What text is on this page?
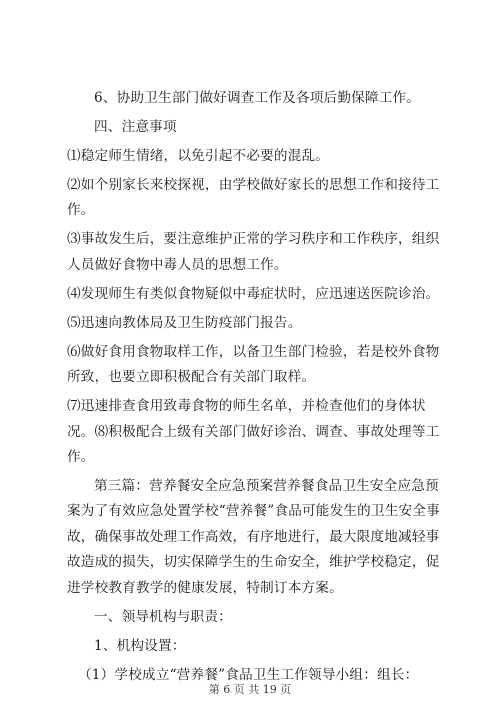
6、协助卫生部门做好调查工作及各项后勤保障工作。

四、注意事项

⑴稳定师生情绪，以免引起不必要的混乱。

⑵如个别家长来校探视，由学校做好家长的思想工作和接待工作。

⑶事故发生后，要注意维护正常的学习秩序和工作秩序，组织人员做好食物中毒人员的思想工作。

⑷发现师生有类似食物疑似中毒症状时，应迅速送医院诊治。

⑸迅速向教体局及卫生防疫部门报告。

⑹做好食用食物取样工作，以备卫生部门检验，若是校外食物所致，也要立即积极配合有关部门取样。

⑺迅速排查食用致毒食物的师生名单，并检查他们的身体状况。⑻积极配合上级有关部门做好诊治、调查、事故处理等工作。

第三篇：营养餐安全应急预案营养餐食品卫生安全应急预案为了有效应急处置学校“营养餐”食品可能发生的卫生安全事故，确保事故处理工作高效，有序地进行，最大限度地减轻事故造成的损失，切实保障学生的生命安全，维护学校稳定，促进学校教育教学的健康发展，特制订本方案。

一、领导机构与职责：

1、机构设置：

（1）学校成立“营养餐”食品卫生工作领导小组：组长：

第 6 页 共 19 页
